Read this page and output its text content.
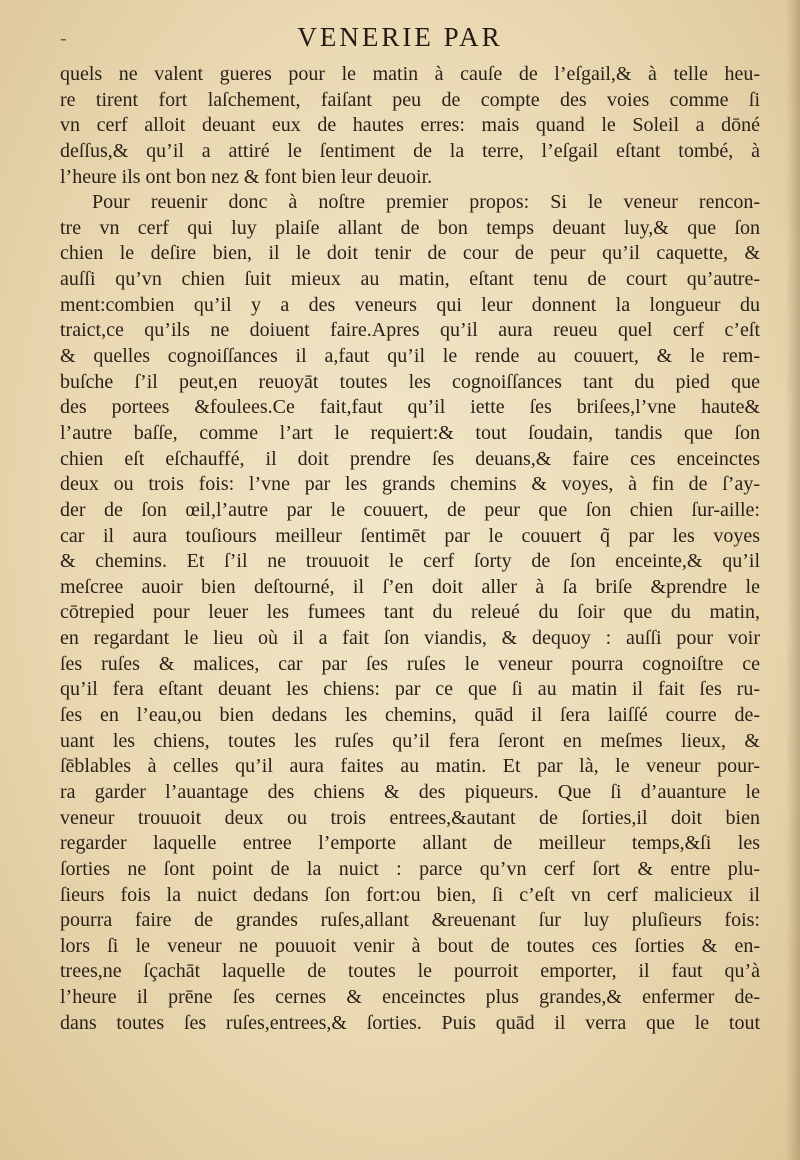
-	VENERIE PAR
quels ne valent gueres pour le matin à cauſe de l’eſgail,& à telle heu-
re tirent fort laſchement, faiſant peu de compte des voies comme ſi
vn cerf alloit deuant eux de hautes erres: mais quand le Soleil a dōné
deſſus,& qu’il a attiré le ſentiment de la terre, l’eſgail eſtant tombé, à
l’heure ils ont bon nez & font bien leur deuoir.
Pour reuenir donc à noſtre premier propos: Si le veneur rencon-
tre vn cerf qui luy plaiſe allant de bon temps deuant luy,& que ſon
chien le deſire bien, il le doit tenir de cour de peur qu’il caquette, &
auſſi qu’vn chien ſuit mieux au matin, eſtant tenu de court qu’autre-
ment:combien qu’il y a des veneurs qui leur donnent la longueur du
traict,ce qu’ils ne doiuent faire.Apres qu’il aura reueu quel cerf c’eſt
& quelles cognoiſſances il a,faut qu’il le rende au couuert, & le rem-
buſche ſ’il peut,en reuoyāt toutes les cognoiſſances tant du pied que
des portees &foulees.Ce fait,faut qu’il iette ſes briſees,l’vne haute&
l’autre baſſe, comme l’art le requiert:& tout ſoudain, tandis que ſon
chien eſt eſchauffé, il doit prendre ſes deuans,& faire ces enceinctes
deux ou trois fois: l’vne par les grands chemins & voyes, à fin de ſ’ay-
der de ſon œil,l’autre par le couuert, de peur que ſon chien ſur-aille:
car il aura touſiours meilleur ſentimēt par le couuert q̃ par les voyes
& chemins. Et ſ’il ne trouuoit le cerf ſorty de ſon enceinte,& qu’il
meſcree auoir bien deſtourné, il ſ’en doit aller à ſa briſe &prendre le
cōtrepied pour leuer les fumees tant du releué du ſoir que du matin,
en regardant le lieu où il a fait ſon viandis, & dequoy : auſſi pour voir
ſes ruſes & malices, car par ſes ruſes le veneur pourra cognoiſtre ce
qu’il fera eſtant deuant les chiens: par ce que ſi au matin il fait ſes ru-
ſes en l’eau,ou bien dedans les chemins, quād il ſera laiſſé courre de-
uant les chiens, toutes les ruſes qu’il fera ſeront en meſmes lieux, &
ſēblables à celles qu’il aura faites au matin. Et par là, le veneur pour-
ra garder l’auantage des chiens & des piqueurs. Que ſi d’auanture le
veneur trouuoit deux ou trois entrees,&autant de ſorties,il doit bien
regarder laquelle entree l’emporte allant de meilleur temps,&ſi les
ſorties ne ſont point de la nuict : parce qu’vn cerf ſort & entre plu-
ſieurs fois la nuict dedans ſon fort:ou bien, ſi c’eſt vn cerf malicieux il
pourra faire de grandes ruſes,allant &reuenant ſur luy pluſieurs fois:
lors ſi le veneur ne pouuoit venir à bout de toutes ces ſorties & en-
trees,ne ſçachāt laquelle de toutes le pourroit emporter, il faut qu’à
l’heure il prēne ſes cernes & enceinctes plus grandes,& enfermer de-
dans toutes ſes ruſes,entrees,& ſorties. Puis quād il verra que le tout
